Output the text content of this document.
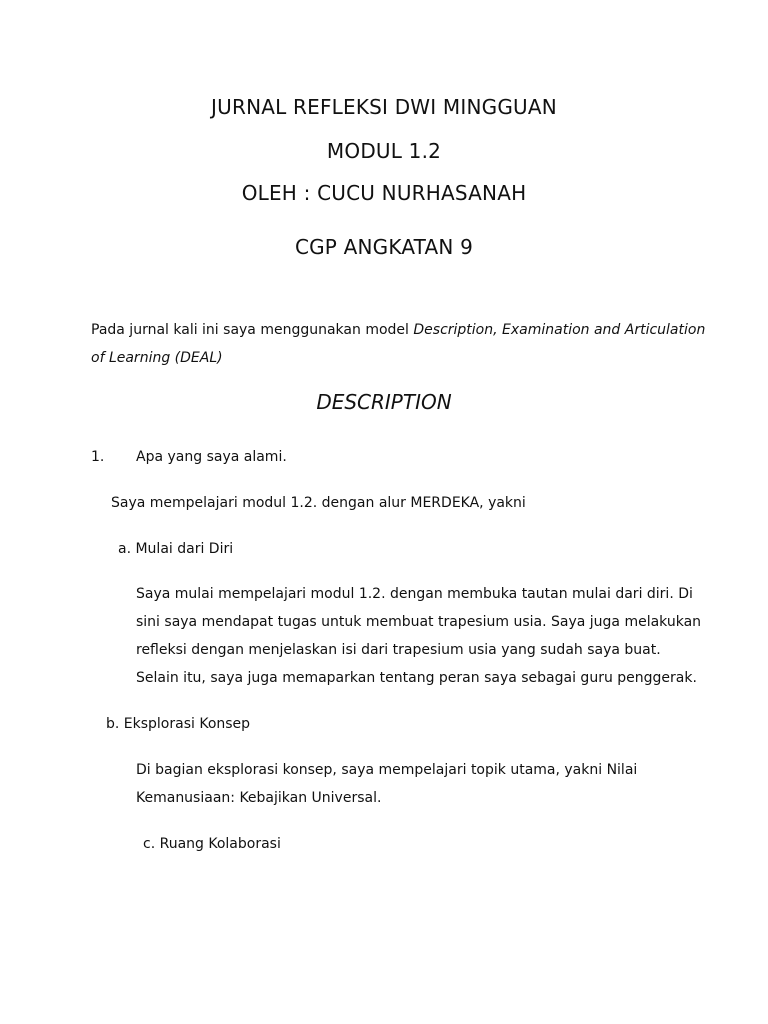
JURNAL REFLEKSI DWI MINGGUAN

MODUL 1.2

OLEH : CUCU NURHASANAH

CGP ANGKATAN 9

Pada jurnal kali ini saya menggunakan model Description, Examination and Articulation

of Learning (DEAL)

DESCRIPTION

1. Apa yang saya alami.

Saya mempelajari modul 1.2. dengan alur MERDEKA, yakni

a. Mulai dari Diri

Saya mulai mempelajari modul 1.2. dengan membuka tautan mulai dari diri. Di

sini saya mendapat tugas untuk membuat trapesium usia. Saya juga melakukan

refleksi dengan menjelaskan isi dari trapesium usia yang sudah saya buat.

Selain itu, saya juga memaparkan tentang peran saya sebagai guru penggerak.

b. Eksplorasi Konsep

Di bagian eksplorasi konsep, saya mempelajari topik utama, yakni Nilai

Kemanusiaan: Kebajikan Universal.

c. Ruang Kolaborasi
